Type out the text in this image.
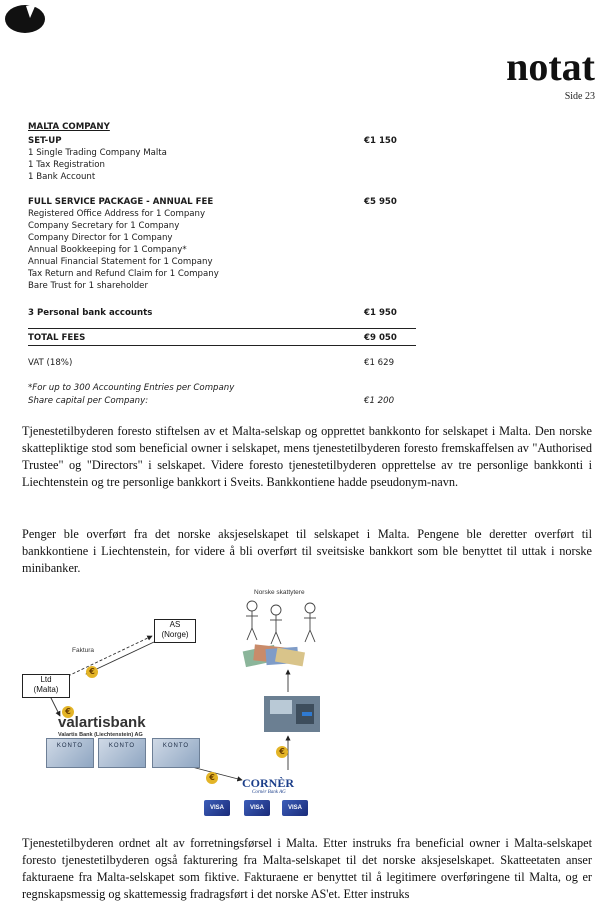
notat
Side 23
MALTA COMPANY
SET-UP	€1 150
1 Single Trading Company Malta
1 Tax Registration
1 Bank Account
FULL SERVICE PACKAGE - ANNUAL FEE	€5 950
Registered Office Address for 1 Company
Company Secretary for 1 Company
Company Director for 1 Company
Annual Bookkeeping for 1 Company*
Annual Financial Statement for 1 Company
Tax Return and Refund Claim for 1 Company
Bare Trust for 1 shareholder
3 Personal bank accounts	€1 950
TOTAL FEES	€9 050
VAT (18%)	€1 629
*For up to 300 Accounting Entries per Company
Share capital per Company:	€1 200
Tjenestetilbyderen foresto stiftelsen av et Malta-selskap og opprettet bankkonto for selskapet i Malta. Den norske skattepliktige stod som beneficial owner i selskapet, mens tjenestetilbyderen foresto fremskaffelsen av "Authorised Trustee" og "Directors" i selskapet. Videre foresto tjenestetilbyderen opprettelse av tre personlige bankkonti i Liechtenstein og tre personlige bankkort i Sveits. Bankkontiene hadde pseudonym-navn.
Penger ble overført fra det norske aksjeselskapet til selskapet i Malta. Pengene ble deretter overført til bankkontiene i Liechtenstein, for videre å bli overført til sveitsiske bankkort som ble benyttet til uttak i norske minibanker.
Norske skattytere
AS
(Norge)
Faktura
Ltd
(Malta)
€
€
€
€
valartisbank
Valartis Bank (Liechtenstein) AG
KONTO	KONTO	KONTO
CORNÈR
Cornèr Bank AG
VISA	VISA	VISA
Tjenestetilbyderen ordnet alt av forretningsførsel i Malta. Etter instruks fra beneficial owner i Malta-selskapet foresto tjenestetilbyderen også fakturering fra Malta-selskapet til det norske aksjeselskapet. Skatteetaten anser fakturaene fra Malta-selskapet som fiktive. Fakturaene er benyttet til å legitimere overføringene til Malta, og er regnskapsmessig og skattemessig fradragsført i det norske AS'et. Etter instruks
